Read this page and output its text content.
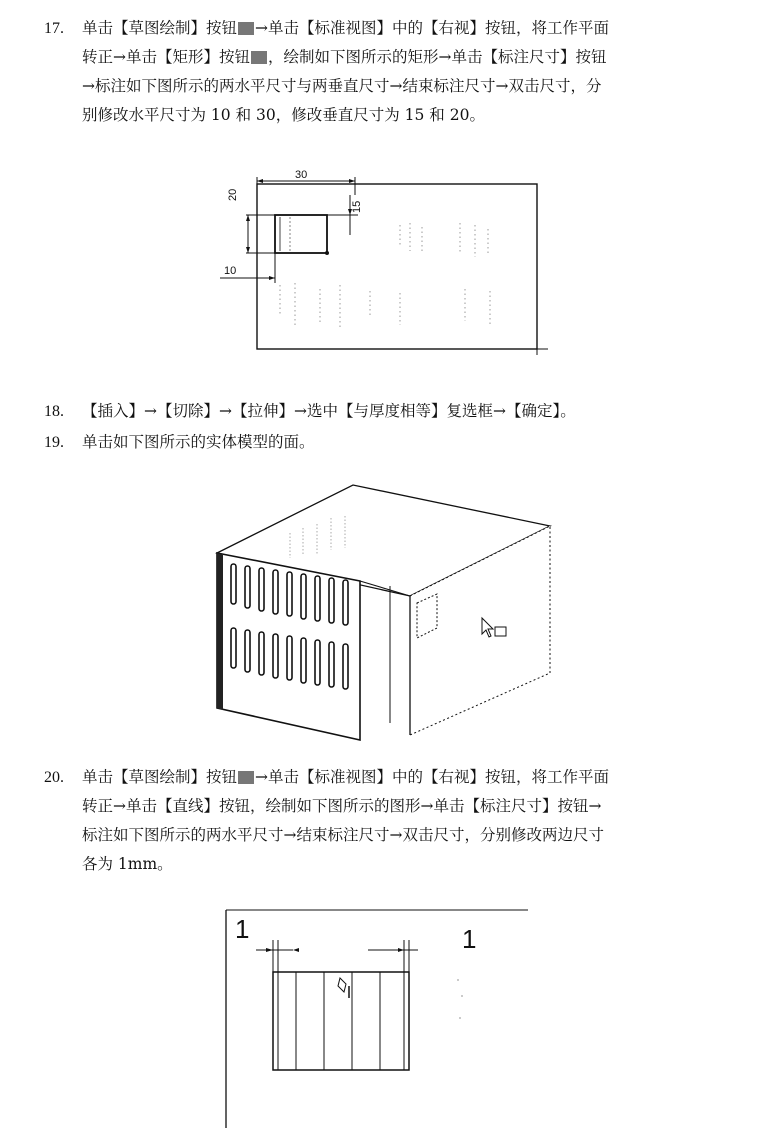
17.	单击【草图绘制】按钮 →单击【标准视图】中的【右视】按钮，将工作平面
转正→单击【矩形】按钮 ，绘制如下图所示的矩形→单击【标注尺寸】按钮
→标注如下图所示的两水平尺寸与两垂直尺寸→结束标注尺寸→双击尺寸，分
别修改水平尺寸为 10 和 30，修改垂直尺寸为 15 和 20。

30
20
15
10

18.	【插入】→【切除】→【拉伸】→选中【与厚度相等】复选框→【确定】。

19.	单击如下图所示的实体模型的面。

20.	单击【草图绘制】按钮 →单击【标准视图】中的【右视】按钮，将工作平面
转正→单击【直线】按钮，绘制如下图所示的图形→单击【标注尺寸】按钮→
标注如下图所示的两水平尺寸→结束标注尺寸→双击尺寸，分别修改两边尺寸
各为 1mm。

1	1
